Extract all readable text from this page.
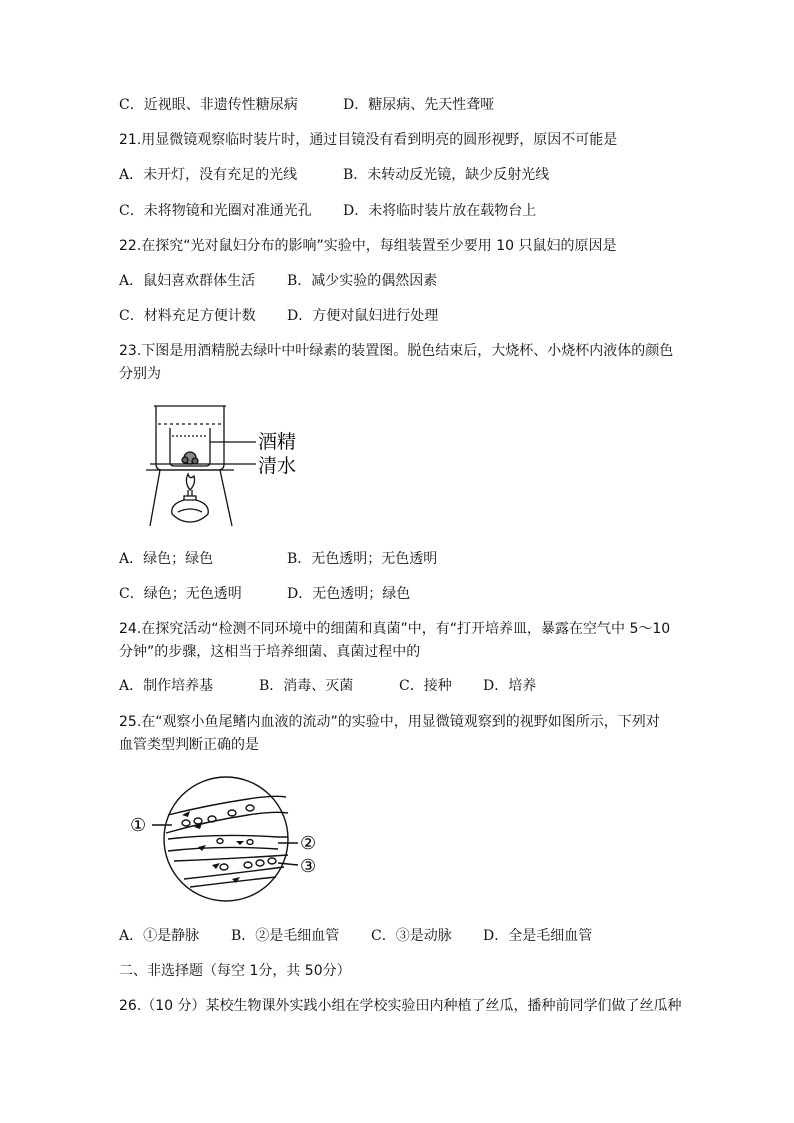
C．近视眼、非遗传性糖尿病	D．糖尿病、先天性聋哑
21.用显微镜观察临时装片时，通过目镜没有看到明亮的圆形视野，原因不可能是
A．未开灯，没有充足的光线	B．未转动反光镜，缺少反射光线
C．未将物镜和光圈对准通光孔 D．未将临时装片放在载物台上
22.在探究“光对鼠妇分布的影响”实验中，每组装置至少要用 10 只鼠妇的原因是
A．鼠妇喜欢群体生活 B．减少实验的偶然因素
C．材料充足方便计数 D．方便对鼠妇进行处理
23.下图是用酒精脱去绿叶中叶绿素的装置图。脱色结束后，大烧杯、小烧杯内液体的颜色
分别为
酒精
清水
A．绿色；绿色	B．无色透明；无色透明
C．绿色；无色透明	D．无色透明；绿色
24.在探究活动“检测不同环境中的细菌和真菌”中，有“打开培养皿，暴露在空气中 5～10
分钟”的步骤，这相当于培养细菌、真菌过程中的
A．制作培养基	B．消毒、灭菌	C．接种 D．培养
25.在“观察小鱼尾鳍内血液的流动”的实验中，用显微镜观察到的视野如图所示，下列对
血管类型判断正确的是
①
②
③
A．①是静脉 B．②是毛细血管 C．③是动脉 D．全是毛细血管
二、非选择题（每空 1分，共 50分）
26.（10 分）某校生物课外实践小组在学校实验田内种植了丝瓜，播种前同学们做了丝瓜种
